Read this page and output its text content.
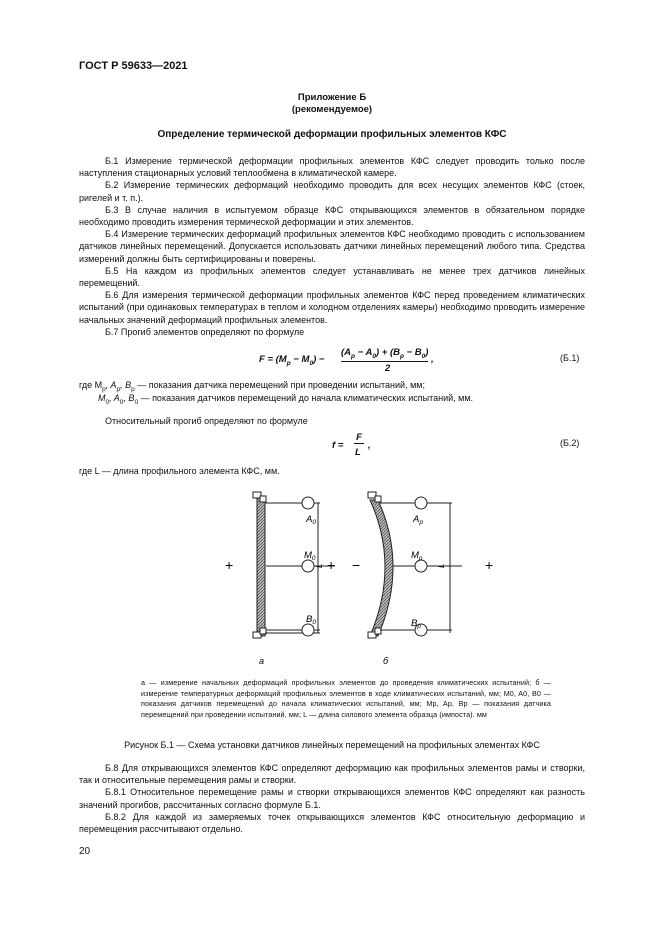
ГОСТ Р 59633—2021
Приложение Б
(рекомендуемое)
Определение термической деформации профильных элементов КФС

Б.1 Измерение термической деформации профильных элементов КФС следует проводить только после наступления стационарных условий теплообмена в климатической камере.

Б.2 Измерение термических деформаций необходимо проводить для всех несущих элементов КФС (стоек, ригелей и т. п.).

Б.3 В случае наличия в испытуемом образце КФС открывающихся элементов в обязательном порядке необходимо проводить измерения термической деформации и этих элементов.

Б.4 Измерение термических деформаций профильных элементов КФС необходимо проводить с использованием датчиков линейных перемещений. Допускается использовать датчики линейных перемещений любого типа. Средства измерений должны быть сертифицированы и поверены.

Б.5 На каждом из профильных элементов следует устанавливать не менее трех датчиков линейных перемещений.

Б.6 Для измерения термической деформации профильных элементов КФС перед проведением климатических испытаний (при одинаковых температурах в теплом и холодном отделениях камеры) необходимо проводить измерение начальных значений деформаций профильных элементов.

Б.7 Прогиб элементов определяют по формуле

$F = (M_p - M_0)$ −
$(A_p - A_0) + (B_p - B_0)$
2
,	(Б.1)
где $M_p$, $A_p$, $B_p$ — показания датчика перемещений при проведении испытаний, мм;
$M_0$, $A_0$, $B_0$ — показания датчиков перемещений до начала климатических испытаний, мм.
Относительный прогиб определяют по формуле
f =
F
L
,	(Б.2)
где L — длина профильного элемента КФС, мм.
$A_0$
$M_0$
$B_0$
L
+	+
$A_р$
$M_р$
$B_р$
L
−	+
а	б
а — измерение начальных деформаций профильных элементов до проведения климатических испытаний; б — измерение температурных деформаций профильных элементов в ходе климатических испытаний, мм; M0, A0, B0 — показания датчиков перемещений до начала климатических испытаний, мм; Mp, Ap, Bp — показания датчика перемещений при проведении испытаний, мм; L — длина силового элемента образца (импоста). мм
Рисунок Б.1 — Схема установки датчиков линейных перемещений на профильных элементах КФС

Б.8 Для открывающихся элементов КФС определяют деформацию как профильных элементов рамы и створки, так и относительные перемещения рамы и створки.

Б.8.1 Относительное перемещение рамы и створки открывающихся элементов КФС определяют как разность значений прогибов, рассчитанных согласно формуле Б.1.

Б.8.2 Для каждой из замеряемых точек открывающихся элементов КФС относительную деформацию и перемещения рассчитывают отдельно.

20
